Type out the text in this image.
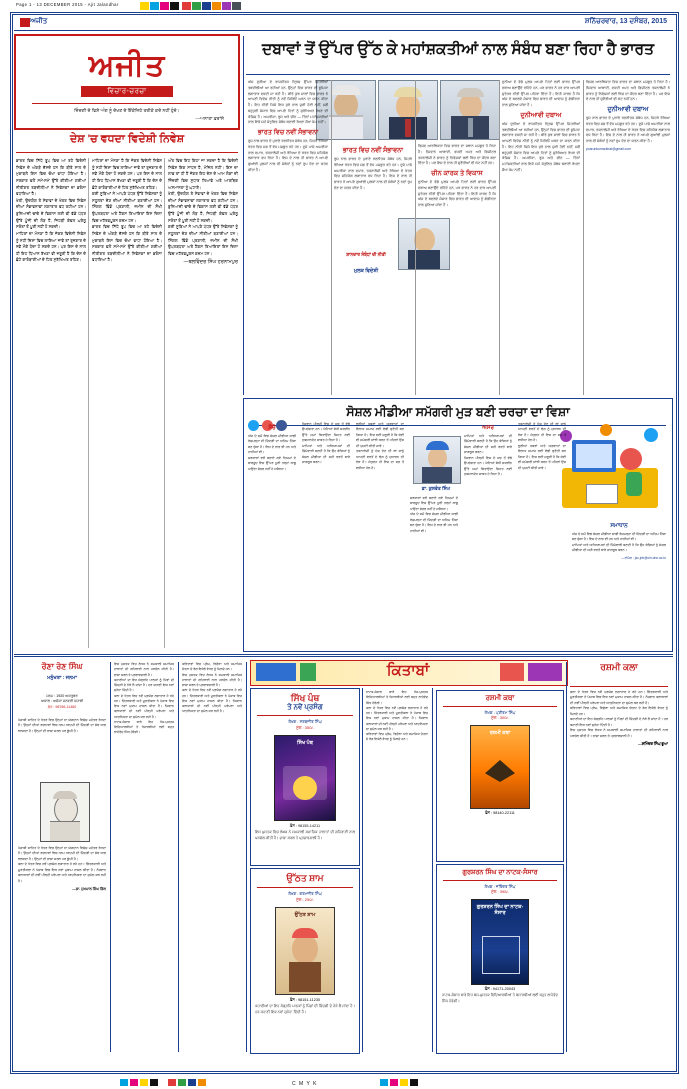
Page 1 - 13 DECEMBER 2015 - Ajit Jalandhar
ਅਜੀਤ	ਸ਼ਨਿੱਚਰਵਾਰ, 13 ਦਸੰਬਰ, 2015
ਅਜੀਤ
ਵਿਚਾਰ-ਚਰਚਾ
ਜ਼ਿੰਦਗੀ ਦੇ ਵਿਸ਼ੇ ਅੰਗ ਨੂੰ ਦੇਖਣ ਦੇ ਇੱਕੋਜਿਹੇ ਤਰੀਕੇ ਕਦੇ ਨਹੀਂ ਹੁੰਦੇ।
—ਅਨਾਤਾ ਫ਼ਰਾਂਸੇ
ਦਬਾਵਾਂ ਤੋਂ ਉੱਪਰ ਉੱਠ ਕੇ ਮਹਾਂਸ਼ਕਤੀਆਂ ਨਾਲ ਸੰਬੰਧ ਬਣਾ ਰਿਹਾ ਹੈ ਭਾਰਤ
ਸ਼ਾਨਦਾਰ ਸੰਬੰਧਾਂ ਦੀ ਨੀਤੀ
ਮੁਲਕ ਵਿਦੇਸ਼ੀ
ਅੱਜ ਦੁਨੀਆ ਦੇ ਰਾਜਨੀਤਕ ਦ੍ਰਿਸ਼ ਉੱਪਰ ਜਿਹੜੀਆਂ ਤਬਦੀਲੀਆਂ ਆ ਰਹੀਆਂ ਹਨ, ਉਨ੍ਹਾਂ ਵਿਚ ਭਾਰਤ ਦੀ ਭੂਮਿਕਾ ਲਗਾਤਾਰ ਵਧਦੀ ਜਾ ਰਹੀ ਹੈ। ਬੀਤੇ ਕੁਝ ਸਾਲਾਂ ਵਿਚ ਭਾਰਤ ਨੇ ਆਪਣੀ ਵਿਦੇਸ਼ ਨੀਤੀ ਨੂੰ ਨਵੇਂ ਸਿਰਿਓਂ ਘੜਨ ਦਾ ਯਤਨ ਕੀਤਾ ਹੈ। ਇਹ ਨੀਤੀ ਕਿਸੇ ਇਕ ਧੁਰੇ ਨਾਲ ਜੁੜੀ ਹੋਈ ਨਹੀਂ, ਸਗੋਂ ਬਹੁਧੁਰੀ ਸੰਸਾਰ ਵਿਚ ਆਪਣੇ ਹਿਤਾਂ ਨੂੰ ਸੁਰੱਖਿਅਤ ਰੱਖਣ ਦੀ ਕੋਸ਼ਿਸ਼ ਹੈ। ਅਮਰੀਕਾ, ਰੂਸ ਅਤੇ ਚੀਨ — ਤਿੰਨਾਂ ਮਹਾਂਸ਼ਕਤੀਆਂ ਨਾਲ ਇਕੋ ਸਮੇਂ ਸੰਤੁਲਿਤ ਸੰਬੰਧ ਬਣਾਈ ਰੱਖਣਾ ਸੌਖਾ ਕੰਮ ਨਹੀਂ।
ਭਾਰਤ ਵਿਚ ਨਵੀਂ ਸੰਭਾਵਨਾ
ਰੂਸ ਨਾਲ ਭਾਰਤ ਦੇ ਪੁਰਾਣੇ ਰਣਨੀਤਕ ਸੰਬੰਧ ਹਨ, ਜਿਹੜੇ ਰੱਖਿਆ ਖੇਤਰ ਵਿਚ ਸਭ ਤੋਂ ਵੱਧ ਮਜ਼ਬੂਤ ਰਹੇ ਹਨ। ਦੂਜੇ ਪਾਸੇ ਅਮਰੀਕਾ ਨਾਲ ਵਪਾਰ, ਤਕਨਾਲੋਜੀ ਅਤੇ ਰੱਖਿਆ ਦੇ ਖੇਤਰ ਵਿਚ ਸਹਿਯੋਗ ਲਗਾਤਾਰ ਵਧ ਰਿਹਾ ਹੈ। ਇਸ ਦੇ ਨਾਲ ਹੀ ਭਾਰਤ ਨੇ ਆਪਣੇ ਗੁਆਂਢੀ ਮੁਲਕਾਂ ਨਾਲ ਵੀ ਸੰਬੰਧਾਂ ਨੂੰ ਨਵਾਂ ਰੂਪ ਦੇਣ ਦਾ ਯਤਨ ਕੀਤਾ ਹੈ।
ਭਾਰਤ ਵਿਚ ਨਵੀਂ ਸੰਭਾਵਨਾ
ਰੂਸ ਨਾਲ ਭਾਰਤ ਦੇ ਪੁਰਾਣੇ ਰਣਨੀਤਕ ਸੰਬੰਧ ਹਨ, ਜਿਹੜੇ ਰੱਖਿਆ ਖੇਤਰ ਵਿਚ ਸਭ ਤੋਂ ਵੱਧ ਮਜ਼ਬੂਤ ਰਹੇ ਹਨ। ਦੂਜੇ ਪਾਸੇ ਅਮਰੀਕਾ ਨਾਲ ਵਪਾਰ, ਤਕਨਾਲੋਜੀ ਅਤੇ ਰੱਖਿਆ ਦੇ ਖੇਤਰ ਵਿਚ ਸਹਿਯੋਗ ਲਗਾਤਾਰ ਵਧ ਰਿਹਾ ਹੈ। ਇਸ ਦੇ ਨਾਲ ਹੀ ਭਾਰਤ ਨੇ ਆਪਣੇ ਗੁਆਂਢੀ ਮੁਲਕਾਂ ਨਾਲ ਵੀ ਸੰਬੰਧਾਂ ਨੂੰ ਨਵਾਂ ਰੂਪ ਦੇਣ ਦਾ ਯਤਨ ਕੀਤਾ ਹੈ।
ਵਿਸ਼ਵ ਆਰਥਿਕਤਾ ਵਿਚ ਭਾਰਤ ਦਾ ਸਥਾਨ ਮਜ਼ਬੂਤ ਹੋ ਰਿਹਾ ਹੈ। ਨੌਜਵਾਨ ਆਬਾਦੀ, ਵਧਦੀ ਖਪਤ ਅਤੇ ਡਿਜੀਟਲ ਤਕਨਾਲੋਜੀ ਨੇ ਭਾਰਤ ਨੂੰ ਨਿਵੇਸ਼ਕਾਂ ਲਈ ਖਿੱਚ ਦਾ ਕੇਂਦਰ ਬਣਾ ਦਿੱਤਾ ਹੈ। ਪਰ ਇਸ ਦੇ ਨਾਲ ਹੀ ਚੁਣੌਤੀਆਂ ਵੀ ਘੱਟ ਨਹੀਂ ਹਨ।
ਚੀਨ ਕਾਰਕ ਤੇ ਵਿਕਾਸ
ਦੁਨੀਆ ਦੇ ਵੱਡੇ ਮੁਲਕ ਆਪਣੇ ਹਿਤਾਂ ਲਈ ਭਾਰਤ ਉੱਪਰ ਦਬਾਅ ਬਣਾਉਂਦੇ ਰਹਿੰਦੇ ਹਨ, ਪਰ ਭਾਰਤ ਨੇ ਹਰ ਵਾਰ ਆਪਣੀ ਸੁਤੰਤਰ ਨੀਤੀ ਉੱਪਰ ਪਹਿਰਾ ਦਿੱਤਾ ਹੈ। ਇਹੀ ਕਾਰਨ ਹੈ ਕਿ ਅੱਜ ਦੇ ਬਦਲਦੇ ਸੰਸਾਰ ਵਿਚ ਭਾਰਤ ਦੀ ਆਵਾਜ਼ ਨੂੰ ਗੰਭੀਰਤਾ ਨਾਲ ਸੁਣਿਆ ਜਾਂਦਾ ਹੈ।
ਦੁਨੀਆ ਦੇ ਵੱਡੇ ਮੁਲਕ ਆਪਣੇ ਹਿਤਾਂ ਲਈ ਭਾਰਤ ਉੱਪਰ ਦਬਾਅ ਬਣਾਉਂਦੇ ਰਹਿੰਦੇ ਹਨ, ਪਰ ਭਾਰਤ ਨੇ ਹਰ ਵਾਰ ਆਪਣੀ ਸੁਤੰਤਰ ਨੀਤੀ ਉੱਪਰ ਪਹਿਰਾ ਦਿੱਤਾ ਹੈ। ਇਹੀ ਕਾਰਨ ਹੈ ਕਿ ਅੱਜ ਦੇ ਬਦਲਦੇ ਸੰਸਾਰ ਵਿਚ ਭਾਰਤ ਦੀ ਆਵਾਜ਼ ਨੂੰ ਗੰਭੀਰਤਾ ਨਾਲ ਸੁਣਿਆ ਜਾਂਦਾ ਹੈ।
ਦੁਨੀਆਵੀ ਦਬਾਅ
ਅੱਜ ਦੁਨੀਆ ਦੇ ਰਾਜਨੀਤਕ ਦ੍ਰਿਸ਼ ਉੱਪਰ ਜਿਹੜੀਆਂ ਤਬਦੀਲੀਆਂ ਆ ਰਹੀਆਂ ਹਨ, ਉਨ੍ਹਾਂ ਵਿਚ ਭਾਰਤ ਦੀ ਭੂਮਿਕਾ ਲਗਾਤਾਰ ਵਧਦੀ ਜਾ ਰਹੀ ਹੈ। ਬੀਤੇ ਕੁਝ ਸਾਲਾਂ ਵਿਚ ਭਾਰਤ ਨੇ ਆਪਣੀ ਵਿਦੇਸ਼ ਨੀਤੀ ਨੂੰ ਨਵੇਂ ਸਿਰਿਓਂ ਘੜਨ ਦਾ ਯਤਨ ਕੀਤਾ ਹੈ। ਇਹ ਨੀਤੀ ਕਿਸੇ ਇਕ ਧੁਰੇ ਨਾਲ ਜੁੜੀ ਹੋਈ ਨਹੀਂ, ਸਗੋਂ ਬਹੁਧੁਰੀ ਸੰਸਾਰ ਵਿਚ ਆਪਣੇ ਹਿਤਾਂ ਨੂੰ ਸੁਰੱਖਿਅਤ ਰੱਖਣ ਦੀ ਕੋਸ਼ਿਸ਼ ਹੈ। ਅਮਰੀਕਾ, ਰੂਸ ਅਤੇ ਚੀਨ — ਤਿੰਨਾਂ ਮਹਾਂਸ਼ਕਤੀਆਂ ਨਾਲ ਇਕੋ ਸਮੇਂ ਸੰਤੁਲਿਤ ਸੰਬੰਧ ਬਣਾਈ ਰੱਖਣਾ ਸੌਖਾ ਕੰਮ ਨਹੀਂ।
ਵਿਸ਼ਵ ਆਰਥਿਕਤਾ ਵਿਚ ਭਾਰਤ ਦਾ ਸਥਾਨ ਮਜ਼ਬੂਤ ਹੋ ਰਿਹਾ ਹੈ। ਨੌਜਵਾਨ ਆਬਾਦੀ, ਵਧਦੀ ਖਪਤ ਅਤੇ ਡਿਜੀਟਲ ਤਕਨਾਲੋਜੀ ਨੇ ਭਾਰਤ ਨੂੰ ਨਿਵੇਸ਼ਕਾਂ ਲਈ ਖਿੱਚ ਦਾ ਕੇਂਦਰ ਬਣਾ ਦਿੱਤਾ ਹੈ। ਪਰ ਇਸ ਦੇ ਨਾਲ ਹੀ ਚੁਣੌਤੀਆਂ ਵੀ ਘੱਟ ਨਹੀਂ ਹਨ।
ਦੁਨੀਆਵੀ ਦਬਾਅ
ਰੂਸ ਨਾਲ ਭਾਰਤ ਦੇ ਪੁਰਾਣੇ ਰਣਨੀਤਕ ਸੰਬੰਧ ਹਨ, ਜਿਹੜੇ ਰੱਖਿਆ ਖੇਤਰ ਵਿਚ ਸਭ ਤੋਂ ਵੱਧ ਮਜ਼ਬੂਤ ਰਹੇ ਹਨ। ਦੂਜੇ ਪਾਸੇ ਅਮਰੀਕਾ ਨਾਲ ਵਪਾਰ, ਤਕਨਾਲੋਜੀ ਅਤੇ ਰੱਖਿਆ ਦੇ ਖੇਤਰ ਵਿਚ ਸਹਿਯੋਗ ਲਗਾਤਾਰ ਵਧ ਰਿਹਾ ਹੈ। ਇਸ ਦੇ ਨਾਲ ਹੀ ਭਾਰਤ ਨੇ ਆਪਣੇ ਗੁਆਂਢੀ ਮੁਲਕਾਂ ਨਾਲ ਵੀ ਸੰਬੰਧਾਂ ਨੂੰ ਨਵਾਂ ਰੂਪ ਦੇਣ ਦਾ ਯਤਨ ਕੀਤਾ ਹੈ।
pcarunkumarkirat@gmail.com
ਦੇਸ਼ 'ਚ ਵਧਦਾ ਵਿਦੇਸ਼ੀ ਨਿਵੇਸ਼
ਭਾਰਤ ਵਿਚ ਸਿੱਧੇ ਰੂਪ ਵਿਚ ਆ ਰਹੇ ਵਿਦੇਸ਼ੀ ਨਿਵੇਸ਼ ਦੇ ਅੰਕੜੇ ਦੱਸਦੇ ਹਨ ਕਿ ਬੀਤੇ ਸਾਲ ਦੇ ਮੁਕਾਬਲੇ ਇਸ ਵਿਚ ਚੋਖਾ ਵਾਧਾ ਹੋਇਆ ਹੈ। ਸਰਕਾਰ ਵਲੋਂ ਸਮੇਂ-ਸਮੇਂ ਉੱਤੇ ਕੀਤੀਆਂ ਗਈਆਂ ਨੀਤੀਗਤ ਤਬਦੀਲੀਆਂ ਨੇ ਨਿਵੇਸ਼ਕਾਂ ਦਾ ਭਰੋਸਾ ਵਧਾਇਆ ਹੈ।
ਖੇਤੀ, ਉਦਯੋਗ ਤੇ ਸੇਵਾਵਾਂ ਦੇ ਖੇਤਰ ਵਿਚ ਨਿਵੇਸ਼ ਦੀਆਂ ਸੰਭਾਵਨਾਵਾਂ ਲਗਾਤਾਰ ਵਧ ਰਹੀਆਂ ਹਨ। ਬੁਨਿਆਦੀ ਢਾਂਚੇ ਦੇ ਵਿਕਾਸ ਲਈ ਵੀ ਵੱਡੇ ਪੱਧਰ ਉੱਤੇ ਪੂੰਜੀ ਦੀ ਲੋੜ ਹੈ, ਜਿਹੜੀ ਕੇਵਲ ਘਰੇਲੂ ਸਰੋਤਾਂ ਤੋਂ ਪੂਰੀ ਨਹੀਂ ਹੋ ਸਕਦੀ।
ਮਾਹਿਰਾਂ ਦਾ ਮੰਨਣਾ ਹੈ ਕਿ ਜੇਕਰ ਵਿਦੇਸ਼ੀ ਨਿਵੇਸ਼ ਨੂੰ ਸਹੀ ਦਿਸ਼ਾ ਵਿਚ ਲਾਇਆ ਜਾਵੇ ਤਾਂ ਰੁਜ਼ਗਾਰ ਦੇ ਨਵੇਂ ਮੌਕੇ ਪੈਦਾ ਹੋ ਸਕਦੇ ਹਨ। ਪਰ ਇਸ ਦੇ ਨਾਲ ਹੀ ਇਹ ਧਿਆਨ ਰੱਖਣਾ ਵੀ ਜ਼ਰੂਰੀ ਹੈ ਕਿ ਦੇਸ਼ ਦੇ ਛੋਟੇ ਕਾਰੋਬਾਰੀਆਂ ਦੇ ਹਿਤ ਸੁਰੱਖਿਅਤ ਰਹਿਣ।
ਮਾਹਿਰਾਂ ਦਾ ਮੰਨਣਾ ਹੈ ਕਿ ਜੇਕਰ ਵਿਦੇਸ਼ੀ ਨਿਵੇਸ਼ ਨੂੰ ਸਹੀ ਦਿਸ਼ਾ ਵਿਚ ਲਾਇਆ ਜਾਵੇ ਤਾਂ ਰੁਜ਼ਗਾਰ ਦੇ ਨਵੇਂ ਮੌਕੇ ਪੈਦਾ ਹੋ ਸਕਦੇ ਹਨ। ਪਰ ਇਸ ਦੇ ਨਾਲ ਹੀ ਇਹ ਧਿਆਨ ਰੱਖਣਾ ਵੀ ਜ਼ਰੂਰੀ ਹੈ ਕਿ ਦੇਸ਼ ਦੇ ਛੋਟੇ ਕਾਰੋਬਾਰੀਆਂ ਦੇ ਹਿਤ ਸੁਰੱਖਿਅਤ ਰਹਿਣ।
ਕਈ ਸੂਬਿਆਂ ਨੇ ਆਪਣੇ ਪੱਧਰ ਉੱਤੇ ਨਿਵੇਸ਼ਕਾਂ ਨੂੰ ਸਹੂਲਤਾਂ ਦੇਣ ਦੀਆਂ ਨੀਤੀਆਂ ਬਣਾਈਆਂ ਹਨ। ਸਿੰਗਲ ਵਿੰਡੋ ਪ੍ਰਣਾਲੀ, ਜ਼ਮੀਨ ਦੀ ਸੌਖੀ ਉਪਲਬਧਤਾ ਅਤੇ ਟੈਕਸ ਰਿਆਇਤਾਂ ਇਸ ਦਿਸ਼ਾ ਵਿਚ ਮਹੱਤਵਪੂਰਨ ਕਦਮ ਹਨ।
ਭਾਰਤ ਵਿਚ ਸਿੱਧੇ ਰੂਪ ਵਿਚ ਆ ਰਹੇ ਵਿਦੇਸ਼ੀ ਨਿਵੇਸ਼ ਦੇ ਅੰਕੜੇ ਦੱਸਦੇ ਹਨ ਕਿ ਬੀਤੇ ਸਾਲ ਦੇ ਮੁਕਾਬਲੇ ਇਸ ਵਿਚ ਚੋਖਾ ਵਾਧਾ ਹੋਇਆ ਹੈ। ਸਰਕਾਰ ਵਲੋਂ ਸਮੇਂ-ਸਮੇਂ ਉੱਤੇ ਕੀਤੀਆਂ ਗਈਆਂ ਨੀਤੀਗਤ ਤਬਦੀਲੀਆਂ ਨੇ ਨਿਵੇਸ਼ਕਾਂ ਦਾ ਭਰੋਸਾ ਵਧਾਇਆ ਹੈ।
ਅੰਤ ਵਿਚ ਇਹ ਕਿਹਾ ਜਾ ਸਕਦਾ ਹੈ ਕਿ ਵਿਦੇਸ਼ੀ ਨਿਵੇਸ਼ ਇਕ ਸਾਧਨ ਹੈ, ਮੰਜ਼ਿਲ ਨਹੀਂ। ਇਸ ਦਾ ਲਾਭ ਤਾਂ ਹੀ ਹੈ ਜੇਕਰ ਇਹ ਦੇਸ਼ ਦੇ ਆਮ ਲੋਕਾਂ ਦੀ ਜ਼ਿੰਦਗੀ ਵਿਚ ਸੁਧਾਰ ਲਿਆਵੇ ਅਤੇ ਆਰਥਿਕ ਅਸਮਾਨਤਾ ਨੂੰ ਘਟਾਏ।
ਖੇਤੀ, ਉਦਯੋਗ ਤੇ ਸੇਵਾਵਾਂ ਦੇ ਖੇਤਰ ਵਿਚ ਨਿਵੇਸ਼ ਦੀਆਂ ਸੰਭਾਵਨਾਵਾਂ ਲਗਾਤਾਰ ਵਧ ਰਹੀਆਂ ਹਨ। ਬੁਨਿਆਦੀ ਢਾਂਚੇ ਦੇ ਵਿਕਾਸ ਲਈ ਵੀ ਵੱਡੇ ਪੱਧਰ ਉੱਤੇ ਪੂੰਜੀ ਦੀ ਲੋੜ ਹੈ, ਜਿਹੜੀ ਕੇਵਲ ਘਰੇਲੂ ਸਰੋਤਾਂ ਤੋਂ ਪੂਰੀ ਨਹੀਂ ਹੋ ਸਕਦੀ।
ਕਈ ਸੂਬਿਆਂ ਨੇ ਆਪਣੇ ਪੱਧਰ ਉੱਤੇ ਨਿਵੇਸ਼ਕਾਂ ਨੂੰ ਸਹੂਲਤਾਂ ਦੇਣ ਦੀਆਂ ਨੀਤੀਆਂ ਬਣਾਈਆਂ ਹਨ। ਸਿੰਗਲ ਵਿੰਡੋ ਪ੍ਰਣਾਲੀ, ਜ਼ਮੀਨ ਦੀ ਸੌਖੀ ਉਪਲਬਧਤਾ ਅਤੇ ਟੈਕਸ ਰਿਆਇਤਾਂ ਇਸ ਦਿਸ਼ਾ ਵਿਚ ਮਹੱਤਵਪੂਰਨ ਕਦਮ ਹਨ।
—ਬਲਵਿੰਦਰ ਸਿੰਘ ਹਰਨਾਮਪੁਰ
ਸੋਸ਼ਲ ਮੀਡੀਆ ਸਮੱਗਰੀ ਮੁੜ ਬਣੀ ਚਰਚਾ ਦਾ ਵਿਸ਼ਾ
ਡਾ. ਕੁਲਵੰਤ ਸਿੰਘ
ਸੋਚੋ
ਅੱਜ ਦੇ ਸਮੇਂ ਵਿਚ ਸੋਸ਼ਲ ਮੀਡੀਆ ਸਾਡੀ ਰੋਜ਼ਮਰ੍ਹਾ ਦੀ ਜ਼ਿੰਦਗੀ ਦਾ ਅਹਿਮ ਹਿੱਸਾ ਬਣ ਚੁੱਕਾ ਹੈ। ਇਸ ਦੇ ਲਾਭ ਵੀ ਹਨ ਅਤੇ ਹਾਨੀਆਂ ਵੀ।
ਸਰਕਾਰਾਂ ਵਲੋਂ ਬਣਾਏ ਗਏ ਨਿਯਮਾਂ ਦੇ ਬਾਵਜੂਦ ਇਸ ਉੱਪਰ ਪੂਰੀ ਤਰ੍ਹਾਂ ਕਾਬੂ ਪਾਉਣਾ ਸੰਭਵ ਨਹੀਂ ਹੋ ਸਕਿਆ।
ਨੌਜਵਾਨ ਪੀੜ੍ਹੀ ਇਸ ਦੇ ਸਭ ਤੋਂ ਵੱਡੇ ਉਪਭੋਗਤਾ ਹਨ। ਘੰਟਿਆਂ ਬੱਧੀ ਸਕਰੀਨ ਉੱਤੇ ਸਮਾਂ ਬਿਤਾਉਣਾ ਸਿਹਤ ਲਈ ਨੁਕਸਾਨਦੇਹ ਸਾਬਤ ਹੋ ਰਿਹਾ ਹੈ।
ਮਾਪਿਆਂ ਅਤੇ ਅਧਿਆਪਕਾਂ ਦੀ ਜ਼ਿੰਮੇਵਾਰੀ ਬਣਦੀ ਹੈ ਕਿ ਉਹ ਬੱਚਿਆਂ ਨੂੰ ਸੋਸ਼ਲ ਮੀਡੀਆ ਦੀ ਸਹੀ ਵਰਤੋਂ ਬਾਰੇ ਜਾਗਰੂਕ ਕਰਨ।
ਝੂਠੀਆਂ ਖ਼ਬਰਾਂ ਅਤੇ ਅਫ਼ਵਾਹਾਂ ਦਾ ਫੈਲਾਅ ਸਮਾਜ ਲਈ ਵੱਡੀ ਚੁਣੌਤੀ ਬਣ ਗਿਆ ਹੈ। ਇਸ ਲਈ ਜ਼ਰੂਰੀ ਹੈ ਕਿ ਕੋਈ ਵੀ ਸਮੱਗਰੀ ਸਾਂਝੀ ਕਰਨ ਤੋਂ ਪਹਿਲਾਂ ਉਸ ਦੀ ਪੁਸ਼ਟੀ ਕੀਤੀ ਜਾਵੇ।
ਤਕਨਾਲੋਜੀ ਨੂੰ ਦੋਸ਼ ਦੇਣ ਦੀ ਥਾਂ ਸਾਨੂੰ ਆਪਣੀ ਵਰਤੋਂ ਦੇ ਢੰਗ ਨੂੰ ਸੁਧਾਰਨ ਦੀ ਲੋੜ ਹੈ। ਸੰਤੁਲਨ ਹੀ ਇਸ ਦਾ ਸਭ ਤੋਂ ਵਧੀਆ ਹੱਲ ਹੈ।
ਸਰਕਾਰਾਂ ਵਲੋਂ ਬਣਾਏ ਗਏ ਨਿਯਮਾਂ ਦੇ ਬਾਵਜੂਦ ਇਸ ਉੱਪਰ ਪੂਰੀ ਤਰ੍ਹਾਂ ਕਾਬੂ ਪਾਉਣਾ ਸੰਭਵ ਨਹੀਂ ਹੋ ਸਕਿਆ।
ਅੱਜ ਦੇ ਸਮੇਂ ਵਿਚ ਸੋਸ਼ਲ ਮੀਡੀਆ ਸਾਡੀ ਰੋਜ਼ਮਰ੍ਹਾ ਦੀ ਜ਼ਿੰਦਗੀ ਦਾ ਅਹਿਮ ਹਿੱਸਾ ਬਣ ਚੁੱਕਾ ਹੈ। ਇਸ ਦੇ ਲਾਭ ਵੀ ਹਨ ਅਤੇ ਹਾਨੀਆਂ ਵੀ।
ਅਸਰ
ਮਾਪਿਆਂ ਅਤੇ ਅਧਿਆਪਕਾਂ ਦੀ ਜ਼ਿੰਮੇਵਾਰੀ ਬਣਦੀ ਹੈ ਕਿ ਉਹ ਬੱਚਿਆਂ ਨੂੰ ਸੋਸ਼ਲ ਮੀਡੀਆ ਦੀ ਸਹੀ ਵਰਤੋਂ ਬਾਰੇ ਜਾਗਰੂਕ ਕਰਨ।
ਨੌਜਵਾਨ ਪੀੜ੍ਹੀ ਇਸ ਦੇ ਸਭ ਤੋਂ ਵੱਡੇ ਉਪਭੋਗਤਾ ਹਨ। ਘੰਟਿਆਂ ਬੱਧੀ ਸਕਰੀਨ ਉੱਤੇ ਸਮਾਂ ਬਿਤਾਉਣਾ ਸਿਹਤ ਲਈ ਨੁਕਸਾਨਦੇਹ ਸਾਬਤ ਹੋ ਰਿਹਾ ਹੈ।
ਤਕਨਾਲੋਜੀ ਨੂੰ ਦੋਸ਼ ਦੇਣ ਦੀ ਥਾਂ ਸਾਨੂੰ ਆਪਣੀ ਵਰਤੋਂ ਦੇ ਢੰਗ ਨੂੰ ਸੁਧਾਰਨ ਦੀ ਲੋੜ ਹੈ। ਸੰਤੁਲਨ ਹੀ ਇਸ ਦਾ ਸਭ ਤੋਂ ਵਧੀਆ ਹੱਲ ਹੈ।
ਝੂਠੀਆਂ ਖ਼ਬਰਾਂ ਅਤੇ ਅਫ਼ਵਾਹਾਂ ਦਾ ਫੈਲਾਅ ਸਮਾਜ ਲਈ ਵੱਡੀ ਚੁਣੌਤੀ ਬਣ ਗਿਆ ਹੈ। ਇਸ ਲਈ ਜ਼ਰੂਰੀ ਹੈ ਕਿ ਕੋਈ ਵੀ ਸਮੱਗਰੀ ਸਾਂਝੀ ਕਰਨ ਤੋਂ ਪਹਿਲਾਂ ਉਸ ਦੀ ਪੁਸ਼ਟੀ ਕੀਤੀ ਜਾਵੇ।
ਸਮਾਧਾਨ
ਅੱਜ ਦੇ ਸਮੇਂ ਵਿਚ ਸੋਸ਼ਲ ਮੀਡੀਆ ਸਾਡੀ ਰੋਜ਼ਮਰ੍ਹਾ ਦੀ ਜ਼ਿੰਦਗੀ ਦਾ ਅਹਿਮ ਹਿੱਸਾ ਬਣ ਚੁੱਕਾ ਹੈ। ਇਸ ਦੇ ਲਾਭ ਵੀ ਹਨ ਅਤੇ ਹਾਨੀਆਂ ਵੀ।
ਮਾਪਿਆਂ ਅਤੇ ਅਧਿਆਪਕਾਂ ਦੀ ਜ਼ਿੰਮੇਵਾਰੀ ਬਣਦੀ ਹੈ ਕਿ ਉਹ ਬੱਚਿਆਂ ਨੂੰ ਸੋਸ਼ਲ ਮੀਡੀਆ ਦੀ ਸਹੀ ਵਰਤੋਂ ਬਾਰੇ ਜਾਗਰੂਕ ਕਰਨ।
—ਈਮੇਲ : jsc.jnb@cln.dnn.ac.in
ਰੌਣਾ ਰੋਣ ਸਿੰਘ
ਮਨੁੱਖਤਾ : ਜਨਮਾ
ਜਨਮ : 1920 ਅਕਤੂਬਰ
ਅਕਾਲ : ਅਜੋਕਾ ਜਨਵਰੀ ਪੰਜਾਬੀ
ਫ਼ੋਨ : 98766-11460
ਪੰਜਾਬੀ ਸਾਹਿਤ ਦੇ ਖੇਤਰ ਵਿਚ ਉਨ੍ਹਾਂ ਦਾ ਯੋਗਦਾਨ ਵਿਸ਼ੇਸ਼ ਮਹੱਤਵ ਰੱਖਦਾ ਹੈ। ਉਨ੍ਹਾਂ ਦੀਆਂ ਰਚਨਾਵਾਂ ਵਿਚ ਆਮ ਆਦਮੀ ਦੀ ਜ਼ਿੰਦਗੀ ਦਾ ਸੱਚ ਸਾਫ਼ ਝਲਕਦਾ ਹੈ। ਉਨ੍ਹਾਂ ਦੀ ਭਾਸ਼ਾ ਸਰਲ ਪਰ ਡੂੰਘੀ ਹੈ।
ਪੰਜਾਬੀ ਸਾਹਿਤ ਦੇ ਖੇਤਰ ਵਿਚ ਉਨ੍ਹਾਂ ਦਾ ਯੋਗਦਾਨ ਵਿਸ਼ੇਸ਼ ਮਹੱਤਵ ਰੱਖਦਾ ਹੈ। ਉਨ੍ਹਾਂ ਦੀਆਂ ਰਚਨਾਵਾਂ ਵਿਚ ਆਮ ਆਦਮੀ ਦੀ ਜ਼ਿੰਦਗੀ ਦਾ ਸੱਚ ਸਾਫ਼ ਝਲਕਦਾ ਹੈ। ਉਨ੍ਹਾਂ ਦੀ ਭਾਸ਼ਾ ਸਰਲ ਪਰ ਡੂੰਘੀ ਹੈ।
ਕਲਾ ਦੇ ਖੇਤਰ ਵਿਚ ਨਵੇਂ ਪ੍ਰਯੋਗ ਲਗਾਤਾਰ ਹੋ ਰਹੇ ਹਨ। ਚਿੱਤਰਕਾਰੀ ਅਤੇ ਮੂਰਤੀਕਲਾ ਨੇ ਪੰਜਾਬ ਵਿਚ ਇਕ ਨਵਾਂ ਮੁਕਾਮ ਹਾਸਲ ਕੀਤਾ ਹੈ। ਨੌਜਵਾਨ ਕਲਾਕਾਰਾਂ ਦੀ ਨਵੀਂ ਪੀੜ੍ਹੀ ਪਰੰਪਰਾ ਅਤੇ ਆਧੁਨਿਕਤਾ ਦਾ ਸੁਮੇਲ ਕਰ ਰਹੀ ਹੈ।
—ਡਾ. ਸੁਖਪਾਲ ਸਿੰਘ ਗਿੱਲ
ਇਸ ਪੁਸਤਕ ਵਿਚ ਲੇਖਕ ਨੇ ਸਮਕਾਲੀ ਸਮਾਜਿਕ ਹਾਲਾਤਾਂ ਦੀ ਗਹਿਰਾਈ ਨਾਲ ਪੜਚੋਲ ਕੀਤੀ ਹੈ। ਭਾਸ਼ਾ ਸਰਲ ਤੇ ਪ੍ਰਭਾਵਸ਼ਾਲੀ ਹੈ।
ਕਹਾਣੀਆਂ ਦਾ ਇਹ ਸੰਗ੍ਰਹਿ ਪਾਠਕਾਂ ਨੂੰ ਪਿੰਡਾਂ ਦੀ ਜ਼ਿੰਦਗੀ ਦੇ ਨੇੜੇ ਲੈ ਜਾਂਦਾ ਹੈ। ਹਰ ਕਹਾਣੀ ਇਕ ਨਵਾਂ ਸੁਨੇਹਾ ਦਿੰਦੀ ਹੈ।
ਕਲਾ ਦੇ ਖੇਤਰ ਵਿਚ ਨਵੇਂ ਪ੍ਰਯੋਗ ਲਗਾਤਾਰ ਹੋ ਰਹੇ ਹਨ। ਚਿੱਤਰਕਾਰੀ ਅਤੇ ਮੂਰਤੀਕਲਾ ਨੇ ਪੰਜਾਬ ਵਿਚ ਇਕ ਨਵਾਂ ਮੁਕਾਮ ਹਾਸਲ ਕੀਤਾ ਹੈ। ਨੌਜਵਾਨ ਕਲਾਕਾਰਾਂ ਦੀ ਨਵੀਂ ਪੀੜ੍ਹੀ ਪਰੰਪਰਾ ਅਤੇ ਆਧੁਨਿਕਤਾ ਦਾ ਸੁਮੇਲ ਕਰ ਰਹੀ ਹੈ।
ਨਾਟਕ-ਸੰਸਾਰ ਬਾਰੇ ਇਹ ਖੋਜ-ਪੁਸਤਕ ਵਿਦਿਆਰਥੀਆਂ ਤੇ ਖੋਜਾਰਥੀਆਂ ਲਈ ਬਹੁਤ ਲਾਹੇਵੰਦ ਸਿੱਧ ਹੋਵੇਗੀ।
ਕਵਿਤਾਵਾਂ ਵਿਚ ਪ੍ਰੇਮ, ਵਿਛੋੜਾ ਅਤੇ ਸਮਾਜਿਕ ਚੇਤਨਾ ਦੇ ਰੰਗ ਇਕੱਠੇ ਵੇਖਣ ਨੂੰ ਮਿਲਦੇ ਹਨ।
ਇਸ ਪੁਸਤਕ ਵਿਚ ਲੇਖਕ ਨੇ ਸਮਕਾਲੀ ਸਮਾਜਿਕ ਹਾਲਾਤਾਂ ਦੀ ਗਹਿਰਾਈ ਨਾਲ ਪੜਚੋਲ ਕੀਤੀ ਹੈ। ਭਾਸ਼ਾ ਸਰਲ ਤੇ ਪ੍ਰਭਾਵਸ਼ਾਲੀ ਹੈ।
ਕਲਾ ਦੇ ਖੇਤਰ ਵਿਚ ਨਵੇਂ ਪ੍ਰਯੋਗ ਲਗਾਤਾਰ ਹੋ ਰਹੇ ਹਨ। ਚਿੱਤਰਕਾਰੀ ਅਤੇ ਮੂਰਤੀਕਲਾ ਨੇ ਪੰਜਾਬ ਵਿਚ ਇਕ ਨਵਾਂ ਮੁਕਾਮ ਹਾਸਲ ਕੀਤਾ ਹੈ। ਨੌਜਵਾਨ ਕਲਾਕਾਰਾਂ ਦੀ ਨਵੀਂ ਪੀੜ੍ਹੀ ਪਰੰਪਰਾ ਅਤੇ ਆਧੁਨਿਕਤਾ ਦਾ ਸੁਮੇਲ ਕਰ ਰਹੀ ਹੈ।
ਕਿਤਾਬਾਂ
ਸਿੱਖ ਪੰਥ
ਤੇ ਨਵੇਂ ਪ੍ਰਸੰਗ
ਲੇਖਕ : ਸਰਬਜੀਤ ਸਿੰਘ
ਮੁੱਲ : 350/-
ਸਿੱਖ ਪੰਥ
ਫ਼ੋਨ : 98155-14211
ਇਸ ਪੁਸਤਕ ਵਿਚ ਲੇਖਕ ਨੇ ਸਮਕਾਲੀ ਸਮਾਜਿਕ ਹਾਲਾਤਾਂ ਦੀ ਗਹਿਰਾਈ ਨਾਲ ਪੜਚੋਲ ਕੀਤੀ ਹੈ। ਭਾਸ਼ਾ ਸਰਲ ਤੇ ਪ੍ਰਭਾਵਸ਼ਾਲੀ ਹੈ।
ਉੱਠਤ ਸ਼ਾਮ
ਲੇਖਕ : ਕਰਮਜੀਤ ਸਿੰਘ
ਮੁੱਲ : 250/-
ਉੱਠਤ ਸ਼ਾਮ
ਫ਼ੋਨ : 98151-11230
ਕਹਾਣੀਆਂ ਦਾ ਇਹ ਸੰਗ੍ਰਹਿ ਪਾਠਕਾਂ ਨੂੰ ਪਿੰਡਾਂ ਦੀ ਜ਼ਿੰਦਗੀ ਦੇ ਨੇੜੇ ਲੈ ਜਾਂਦਾ ਹੈ। ਹਰ ਕਹਾਣੀ ਇਕ ਨਵਾਂ ਸੁਨੇਹਾ ਦਿੰਦੀ ਹੈ।
ਨਾਟਕ-ਸੰਸਾਰ ਬਾਰੇ ਇਹ ਖੋਜ-ਪੁਸਤਕ ਵਿਦਿਆਰਥੀਆਂ ਤੇ ਖੋਜਾਰਥੀਆਂ ਲਈ ਬਹੁਤ ਲਾਹੇਵੰਦ ਸਿੱਧ ਹੋਵੇਗੀ।
ਕਲਾ ਦੇ ਖੇਤਰ ਵਿਚ ਨਵੇਂ ਪ੍ਰਯੋਗ ਲਗਾਤਾਰ ਹੋ ਰਹੇ ਹਨ। ਚਿੱਤਰਕਾਰੀ ਅਤੇ ਮੂਰਤੀਕਲਾ ਨੇ ਪੰਜਾਬ ਵਿਚ ਇਕ ਨਵਾਂ ਮੁਕਾਮ ਹਾਸਲ ਕੀਤਾ ਹੈ। ਨੌਜਵਾਨ ਕਲਾਕਾਰਾਂ ਦੀ ਨਵੀਂ ਪੀੜ੍ਹੀ ਪਰੰਪਰਾ ਅਤੇ ਆਧੁਨਿਕਤਾ ਦਾ ਸੁਮੇਲ ਕਰ ਰਹੀ ਹੈ।
ਕਵਿਤਾਵਾਂ ਵਿਚ ਪ੍ਰੇਮ, ਵਿਛੋੜਾ ਅਤੇ ਸਮਾਜਿਕ ਚੇਤਨਾ ਦੇ ਰੰਗ ਇਕੱਠੇ ਵੇਖਣ ਨੂੰ ਮਿਲਦੇ ਹਨ।
ਰਸ਼ਮੀ ਕਥਾ
ਲੇਖਕ : ਪ੍ਰੀਤਮ ਸਿੰਘ
ਮੁੱਲ : 300/-
ਰਸ਼ਮੀ ਕਥਾ
ਫ਼ੋਨ : 98140-22111
ਗੁਰਸ਼ਰਨ ਸਿੰਘ ਦਾ ਨਾਟਕ-ਸੰਸਾਰ
ਲੇਖਕ : ਜਤਿੰਦਰ ਸਿੰਘ
ਮੁੱਲ : 395/-
ਗੁਰਸ਼ਰਨ ਸਿੰਘ ਦਾ ਨਾਟਕ-ਸੰਸਾਰ
ਫ਼ੋਨ : 94171-20043
ਨਾਟਕ-ਸੰਸਾਰ ਬਾਰੇ ਇਹ ਖੋਜ-ਪੁਸਤਕ ਵਿਦਿਆਰਥੀਆਂ ਤੇ ਖੋਜਾਰਥੀਆਂ ਲਈ ਬਹੁਤ ਲਾਹੇਵੰਦ ਸਿੱਧ ਹੋਵੇਗੀ।
ਰਸ਼ਮੀ ਕਲਾ
ਕਲਾ ਦੇ ਖੇਤਰ ਵਿਚ ਨਵੇਂ ਪ੍ਰਯੋਗ ਲਗਾਤਾਰ ਹੋ ਰਹੇ ਹਨ। ਚਿੱਤਰਕਾਰੀ ਅਤੇ ਮੂਰਤੀਕਲਾ ਨੇ ਪੰਜਾਬ ਵਿਚ ਇਕ ਨਵਾਂ ਮੁਕਾਮ ਹਾਸਲ ਕੀਤਾ ਹੈ। ਨੌਜਵਾਨ ਕਲਾਕਾਰਾਂ ਦੀ ਨਵੀਂ ਪੀੜ੍ਹੀ ਪਰੰਪਰਾ ਅਤੇ ਆਧੁਨਿਕਤਾ ਦਾ ਸੁਮੇਲ ਕਰ ਰਹੀ ਹੈ।
ਕਵਿਤਾਵਾਂ ਵਿਚ ਪ੍ਰੇਮ, ਵਿਛੋੜਾ ਅਤੇ ਸਮਾਜਿਕ ਚੇਤਨਾ ਦੇ ਰੰਗ ਇਕੱਠੇ ਵੇਖਣ ਨੂੰ ਮਿਲਦੇ ਹਨ।
ਕਹਾਣੀਆਂ ਦਾ ਇਹ ਸੰਗ੍ਰਹਿ ਪਾਠਕਾਂ ਨੂੰ ਪਿੰਡਾਂ ਦੀ ਜ਼ਿੰਦਗੀ ਦੇ ਨੇੜੇ ਲੈ ਜਾਂਦਾ ਹੈ। ਹਰ ਕਹਾਣੀ ਇਕ ਨਵਾਂ ਸੁਨੇਹਾ ਦਿੰਦੀ ਹੈ।
ਇਸ ਪੁਸਤਕ ਵਿਚ ਲੇਖਕ ਨੇ ਸਮਕਾਲੀ ਸਮਾਜਿਕ ਹਾਲਾਤਾਂ ਦੀ ਗਹਿਰਾਈ ਨਾਲ ਪੜਚੋਲ ਕੀਤੀ ਹੈ। ਭਾਸ਼ਾ ਸਰਲ ਤੇ ਪ੍ਰਭਾਵਸ਼ਾਲੀ ਹੈ।
—ਸ਼ਮਿੰਦਰ ਸਿੰਘ ਭੂਆ
C M Y K
